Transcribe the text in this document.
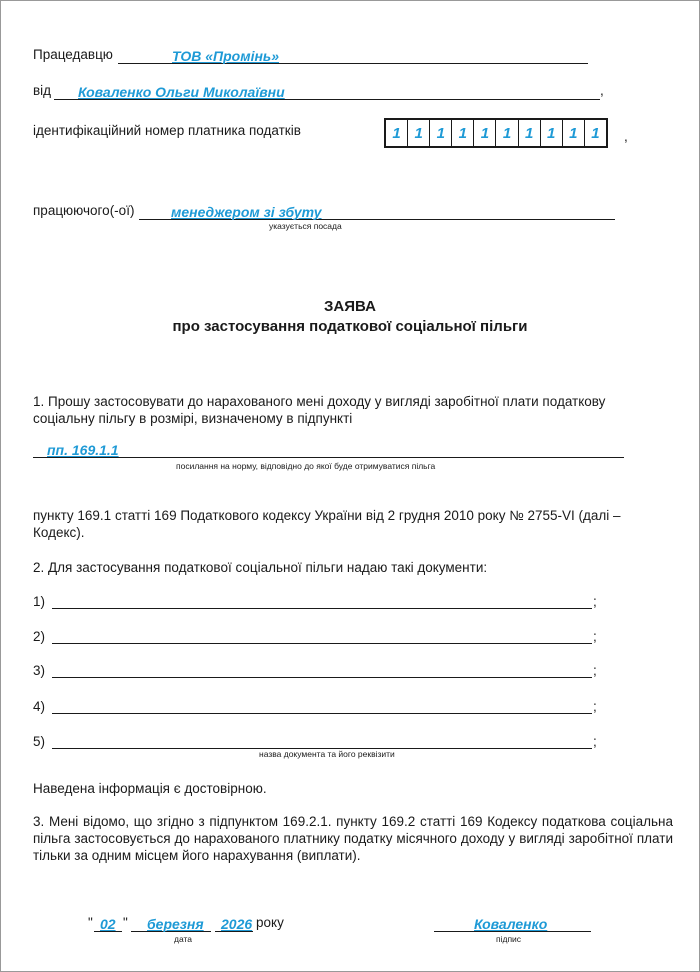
Працедавцю	ТОВ «Промінь»
від Коваленко Ольги Миколаївни	,
ідентифікаційний номер платника податків	1 1 1 1 1 1 1 1 1 1	,
працюючого(-ої)	менеджером зі збуту
указується посада
ЗАЯВА
про застосування податкової соціальної пільги
1. Прошу застосовувати до нарахованого мені доходу у вигляді заробітної плати податкову соціальну пільгу в розмірі, визначеному в підпункті
пп. 169.1.1
посилання на норму, відповідно до якої буде отримуватися пільга
пункту 169.1 статті 169 Податкового кодексу України від 2 грудня 2010 року № 2755-VI (далі – Кодекс).
2. Для застосування податкової соціальної пільги надаю такі документи:
1)	;
2)	;
3)	;
4)	;
5)	;
назва документа та його реквізити
Наведена інформація є достовірною.
3. Мені відомо, що згідно з підпунктом 169.2.1. пункту 169.2 статті 169 Кодексу податкова соціальна пільга застосовується до нарахованого платнику податку місячного доходу у вигляді заробітної плати тільки за одним місцем його нарахування (виплати).
" 02 " березня 2026 року
дата
Коваленко
підпис
